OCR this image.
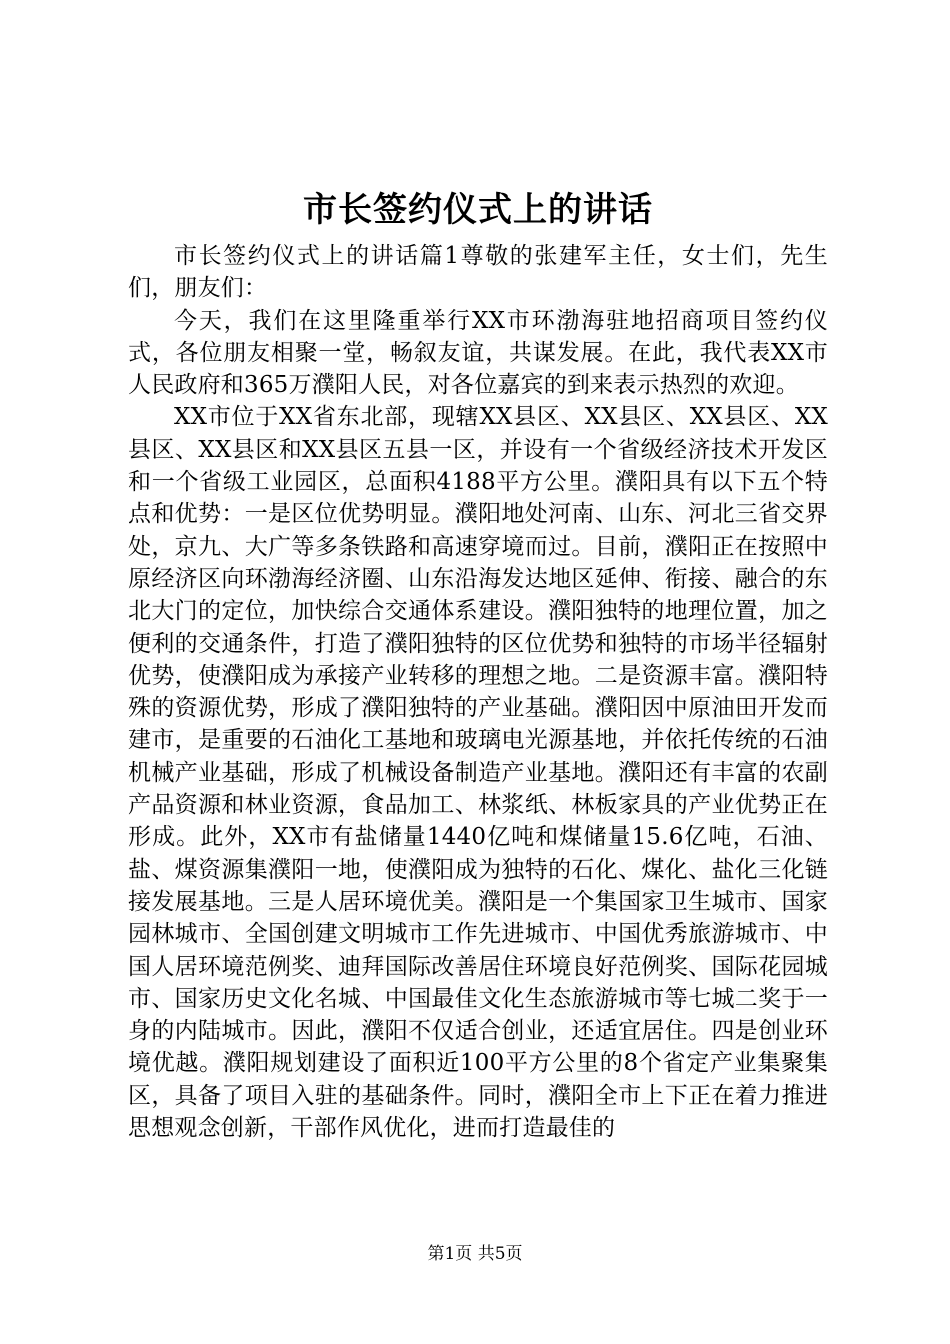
市长签约仪式上的讲话

市长签约仪式上的讲话篇1尊敬的张建军主任，女士们，先生们，朋友们：

今天，我们在这里隆重举行XX市环渤海驻地招商项目签约仪式，各位朋友相聚一堂，畅叙友谊，共谋发展。在此，我代表XX市人民政府和365万濮阳人民，对各位嘉宾的到来表示热烈的欢迎。

XX市位于XX省东北部，现辖XX县区、XX县区、XX县区、XX县区、XX县区和XX县区五县一区，并设有一个省级经济技术开发区和一个省级工业园区，总面积4188平方公里。濮阳具有以下五个特点和优势：一是区位优势明显。濮阳地处河南、山东、河北三省交界处，京九、大广等多条铁路和高速穿境而过。目前，濮阳正在按照中原经济区向环渤海经济圈、山东沿海发达地区延伸、衔接、融合的东北大门的定位，加快综合交通体系建设。濮阳独特的地理位置，加之便利的交通条件，打造了濮阳独特的区位优势和独特的市场半径辐射优势，使濮阳成为承接产业转移的理想之地。二是资源丰富。濮阳特殊的资源优势，形成了濮阳独特的产业基础。濮阳因中原油田开发而建市，是重要的石油化工基地和玻璃电光源基地，并依托传统的石油机械产业基础，形成了机械设备制造产业基地。濮阳还有丰富的农副产品资源和林业资源，食品加工、林浆纸、林板家具的产业优势正在形成。此外，XX市有盐储量1440亿吨和煤储量15.6亿吨，石油、盐、煤资源集濮阳一地，使濮阳成为独特的石化、煤化、盐化三化链接发展基地。三是人居环境优美。濮阳是一个集国家卫生城市、国家园林城市、全国创建文明城市工作先进城市、中国优秀旅游城市、中国人居环境范例奖、迪拜国际改善居住环境良好范例奖、国际花园城市、国家历史文化名城、中国最佳文化生态旅游城市等七城二奖于一身的内陆城市。因此，濮阳不仅适合创业，还适宜居住。四是创业环境优越。濮阳规划建设了面积近100平方公里的8个省定产业集聚集区，具备了项目入驻的基础条件。同时，濮阳全市上下正在着力推进思想观念创新，干部作风优化，进而打造最佳的

第1页 共5页
